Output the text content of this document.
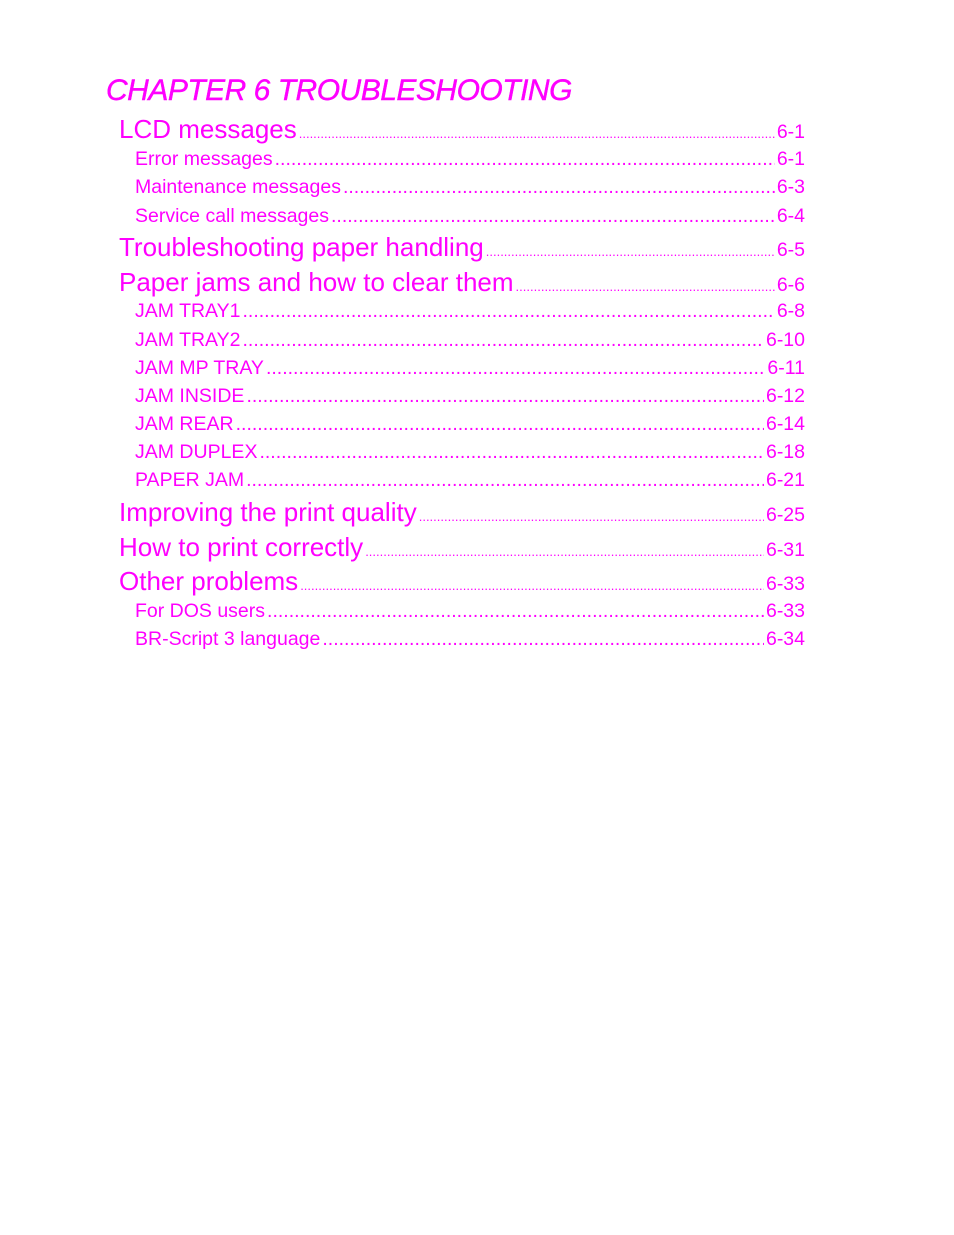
CHAPTER 6 TROUBLESHOOTING
LCD messages .....	6-1
Error messages .....	6-1
Maintenance messages .....	6-3
Service call messages .....	6-4
Troubleshooting paper handling .....	6-5
Paper jams and how to clear them .....	6-6
JAM TRAY1 .....	6-8
JAM TRAY2 .....	6-10
JAM MP TRAY .....	6-11
JAM INSIDE .....	6-12
JAM REAR .....	6-14
JAM DUPLEX .....	6-18
PAPER JAM .....	6-21
Improving the print quality .....	6-25
How to print correctly .....	6-31
Other problems .....	6-33
For DOS users .....	6-33
BR-Script 3 language .....	6-34
